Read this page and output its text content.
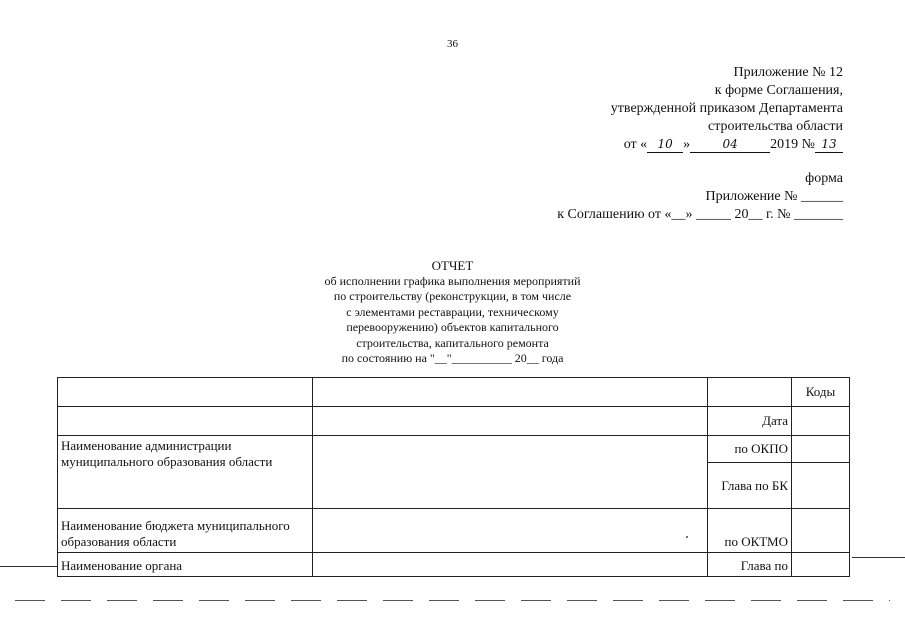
36
Приложение № 12
к форме Соглашения,
утвержденной приказом Департамента
строительства области
от « 10 »	04 2019 № 13
форма
Приложение № ______
к Соглашению от «__» _____ 20__ г. № _______
ОТЧЕТ
об исполнении графика выполнения мероприятий
по строительству (реконструкции, в том числе
с элементами реставрации, техническому
перевооружению) объектов капитального
строительства, капитального ремонта
по состоянию на "__"__________ 20__ года
			Коды
		Дата	
Наименование администрации муниципального образования области		по ОКПО	
		Глава по БК	
Наименование бюджета муниципального образования области		по ОКТМО	
Наименование органа		Глава по	
